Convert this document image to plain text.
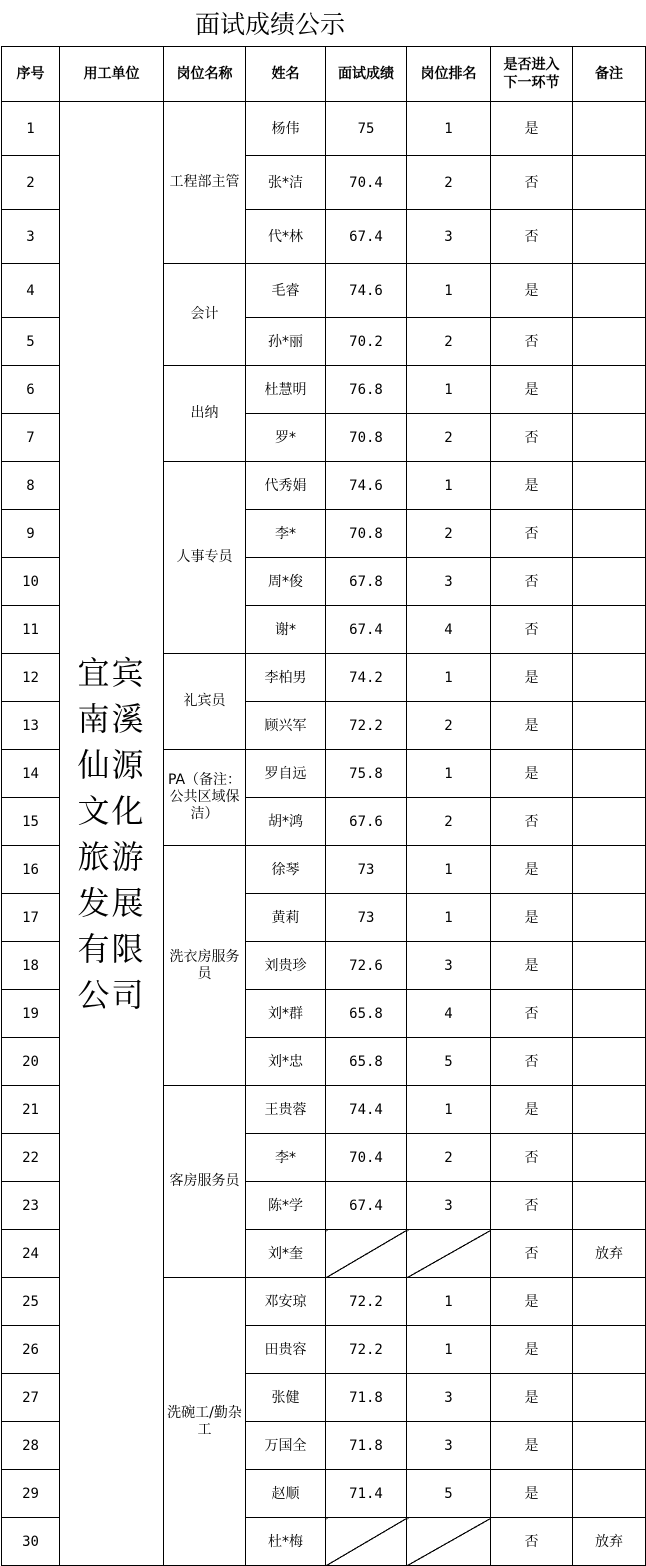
面试成绩公示
序号	用工单位	岗位名称	姓名	面试成绩	岗位排名	是否进入下一环节	备注
1	宜宾南溪仙源文化旅游发展有限公司	工程部主管	杨伟	75	1	是	
2			张*洁	70.4	2	否	
3			代*林	67.4	3	否	
4		会计	毛睿	74.6	1	是	
5			孙*丽	70.2	2	否	
6		出纳	杜慧明	76.8	1	是	
7			罗*	70.8	2	否	
8		人事专员	代秀娟	74.6	1	是	
9			李*	70.8	2	否	
10			周*俊	67.8	3	否	
11			谢*	67.4	4	否	
12		礼宾员	李柏男	74.2	1	是	
13			顾兴军	72.2	2	是	
14		PA（备注：公共区域保洁）	罗自远	75.8	1	是	
15			胡*鸿	67.6	2	否	
16		洗衣房服务员	徐琴	73	1	是	
17			黄莉	73	1	是	
18			刘贵珍	72.6	3	是	
19			刘*群	65.8	4	否	
20			刘*忠	65.8	5	否	
21		客房服务员	王贵蓉	74.4	1	是	
22			李*	70.4	2	否	
23			陈*学	67.4	3	否	
24			刘*奎			否	放弃
25		洗碗工/勤杂工	邓安琼	72.2	1	是	
26			田贵容	72.2	1	是	
27			张健	71.8	3	是	
28			万国全	71.8	3	是	
29			赵顺	71.4	5	是	
30			杜*梅			否	放弃
